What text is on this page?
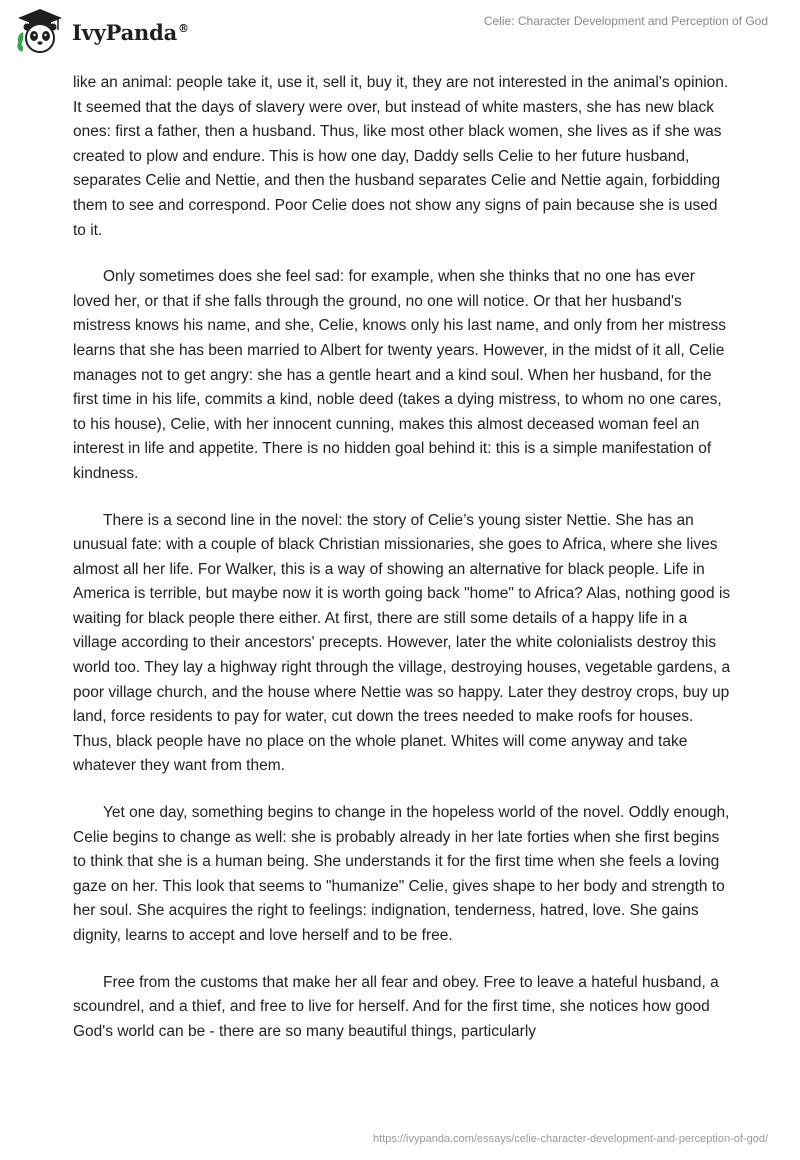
IvyPanda®	Celie: Character Development and Perception of God

like an animal: people take it, use it, sell it, buy it, they are not interested in the animal's opinion. It seemed that the days of slavery were over, but instead of white masters, she has new black ones: first a father, then a husband. Thus, like most other black women, she lives as if she was created to plow and endure. This is how one day, Daddy sells Celie to her future husband, separates Celie and Nettie, and then the husband separates Celie and Nettie again, forbidding them to see and correspond. Poor Celie does not show any signs of pain because she is used to it.

Only sometimes does she feel sad: for example, when she thinks that no one has ever loved her, or that if she falls through the ground, no one will notice. Or that her husband's mistress knows his name, and she, Celie, knows only his last name, and only from her mistress learns that she has been married to Albert for twenty years. However, in the midst of it all, Celie manages not to get angry: she has a gentle heart and a kind soul. When her husband, for the first time in his life, commits a kind, noble deed (takes a dying mistress, to whom no one cares, to his house), Celie, with her innocent cunning, makes this almost deceased woman feel an interest in life and appetite. There is no hidden goal behind it: this is a simple manifestation of kindness.

There is a second line in the novel: the story of Celie’s young sister Nettie. She has an unusual fate: with a couple of black Christian missionaries, she goes to Africa, where she lives almost all her life. For Walker, this is a way of showing an alternative for black people. Life in America is terrible, but maybe now it is worth going back "home" to Africa? Alas, nothing good is waiting for black people there either. At first, there are still some details of a happy life in a village according to their ancestors' precepts. However, later the white colonialists destroy this world too. They lay a highway right through the village, destroying houses, vegetable gardens, a poor village church, and the house where Nettie was so happy. Later they destroy crops, buy up land, force residents to pay for water, cut down the trees needed to make roofs for houses. Thus, black people have no place on the whole planet. Whites will come anyway and take whatever they want from them.

Yet one day, something begins to change in the hopeless world of the novel. Oddly enough, Celie begins to change as well: she is probably already in her late forties when she first begins to think that she is a human being. She understands it for the first time when she feels a loving gaze on her. This look that seems to "humanize" Celie, gives shape to her body and strength to her soul. She acquires the right to feelings: indignation, tenderness, hatred, love. She gains dignity, learns to accept and love herself and to be free.

Free from the customs that make her all fear and obey. Free to leave a hateful husband, a scoundrel, and a thief, and free to live for herself. And for the first time, she notices how good God's world can be - there are so many beautiful things, particularly

https://ivypanda.com/essays/celie-character-development-and-perception-of-god/
